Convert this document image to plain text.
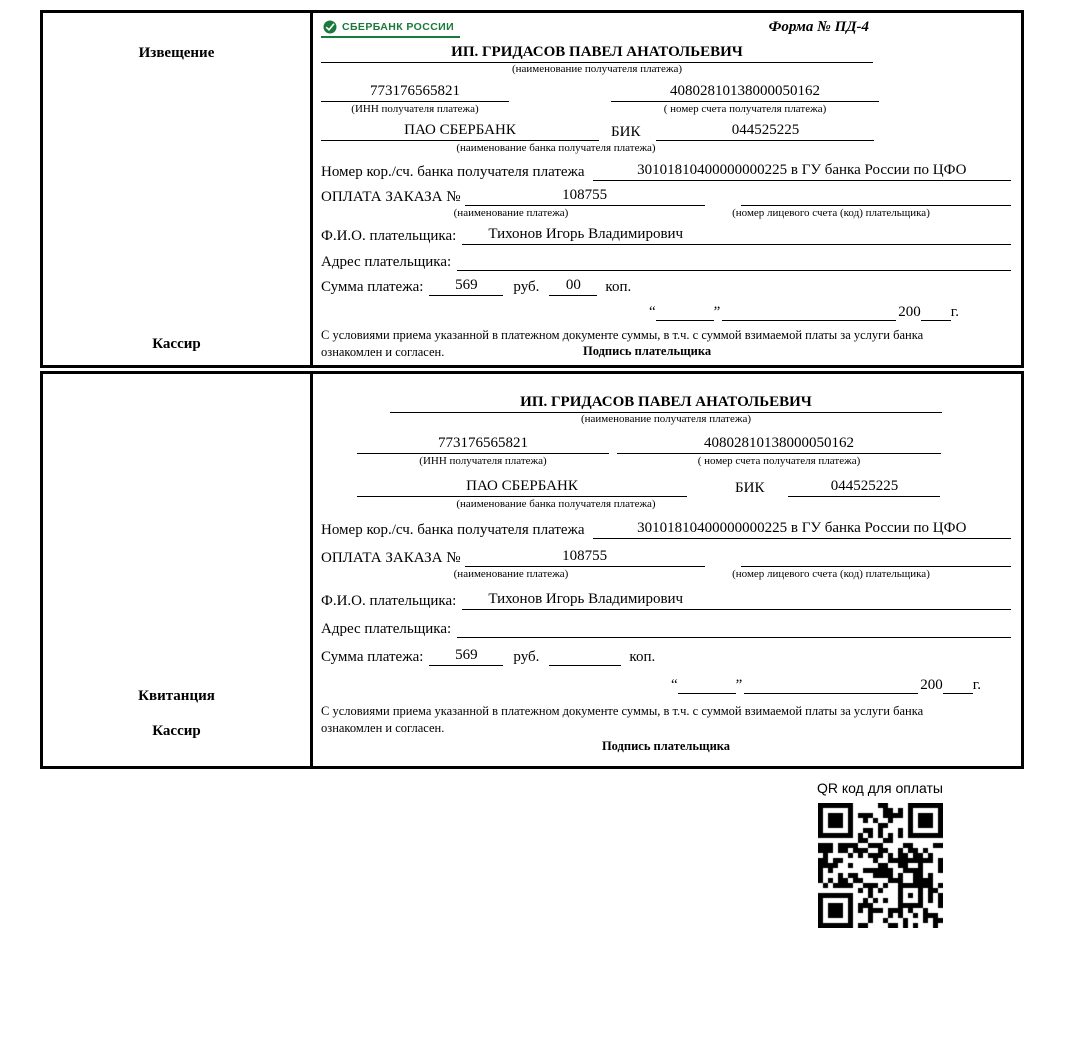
Извещение
Кассир
СБЕРБАНК РОССИИ	Форма № ПД-4
ИП. ГРИДАСОВ ПАВЕЛ АНАТОЛЬЕВИЧ
(наименование получателя платежа)
773176565821
(ИНН получателя платежа)
40802810138000050162
( номер счета получателя платежа)
ПАО СБЕРБАНК	БИК	044525225
(наименование банка получателя платежа)
Номер кор./сч. банка получателя платежа	30101810400000000225 в ГУ банка России по ЦФО
ОПЛАТА ЗАКАЗА №	108755
(наименование платежа)	(номер лицевого счета (код) плательщика)
Ф.И.О. плательщика:	Тихонов Игорь Владимирович
Адрес плательщика:
Сумма платежа:	569	руб.	00	коп.
“	”	200 г.

С условиями приема указанной в платежном документе суммы, в т.ч. с суммой взимаемой платы за услуги банка ознакомлен и согласен.	Подпись плательщика
Квитанция
Кассир
ИП. ГРИДАСОВ ПАВЕЛ АНАТОЛЬЕВИЧ
(наименование получателя платежа)
773176565821
(ИНН получателя платежа)
40802810138000050162
( номер счета получателя платежа)
ПАО СБЕРБАНК	БИК	044525225
(наименование банка получателя платежа)
Номер кор./сч. банка получателя платежа	30101810400000000225 в ГУ банка России по ЦФО
ОПЛАТА ЗАКАЗА №	108755
(наименование платежа)	(номер лицевого счета (код) плательщика)
Ф.И.О. плательщика:	Тихонов Игорь Владимирович
Адрес плательщика:
Сумма платежа:	569	руб.	коп.
“	”	200 г.

С условиями приема указанной в платежном документе суммы, в т.ч. с суммой взимаемой платы за услуги банка ознакомлен и согласен.

Подпись плательщика
QR код для оплаты
